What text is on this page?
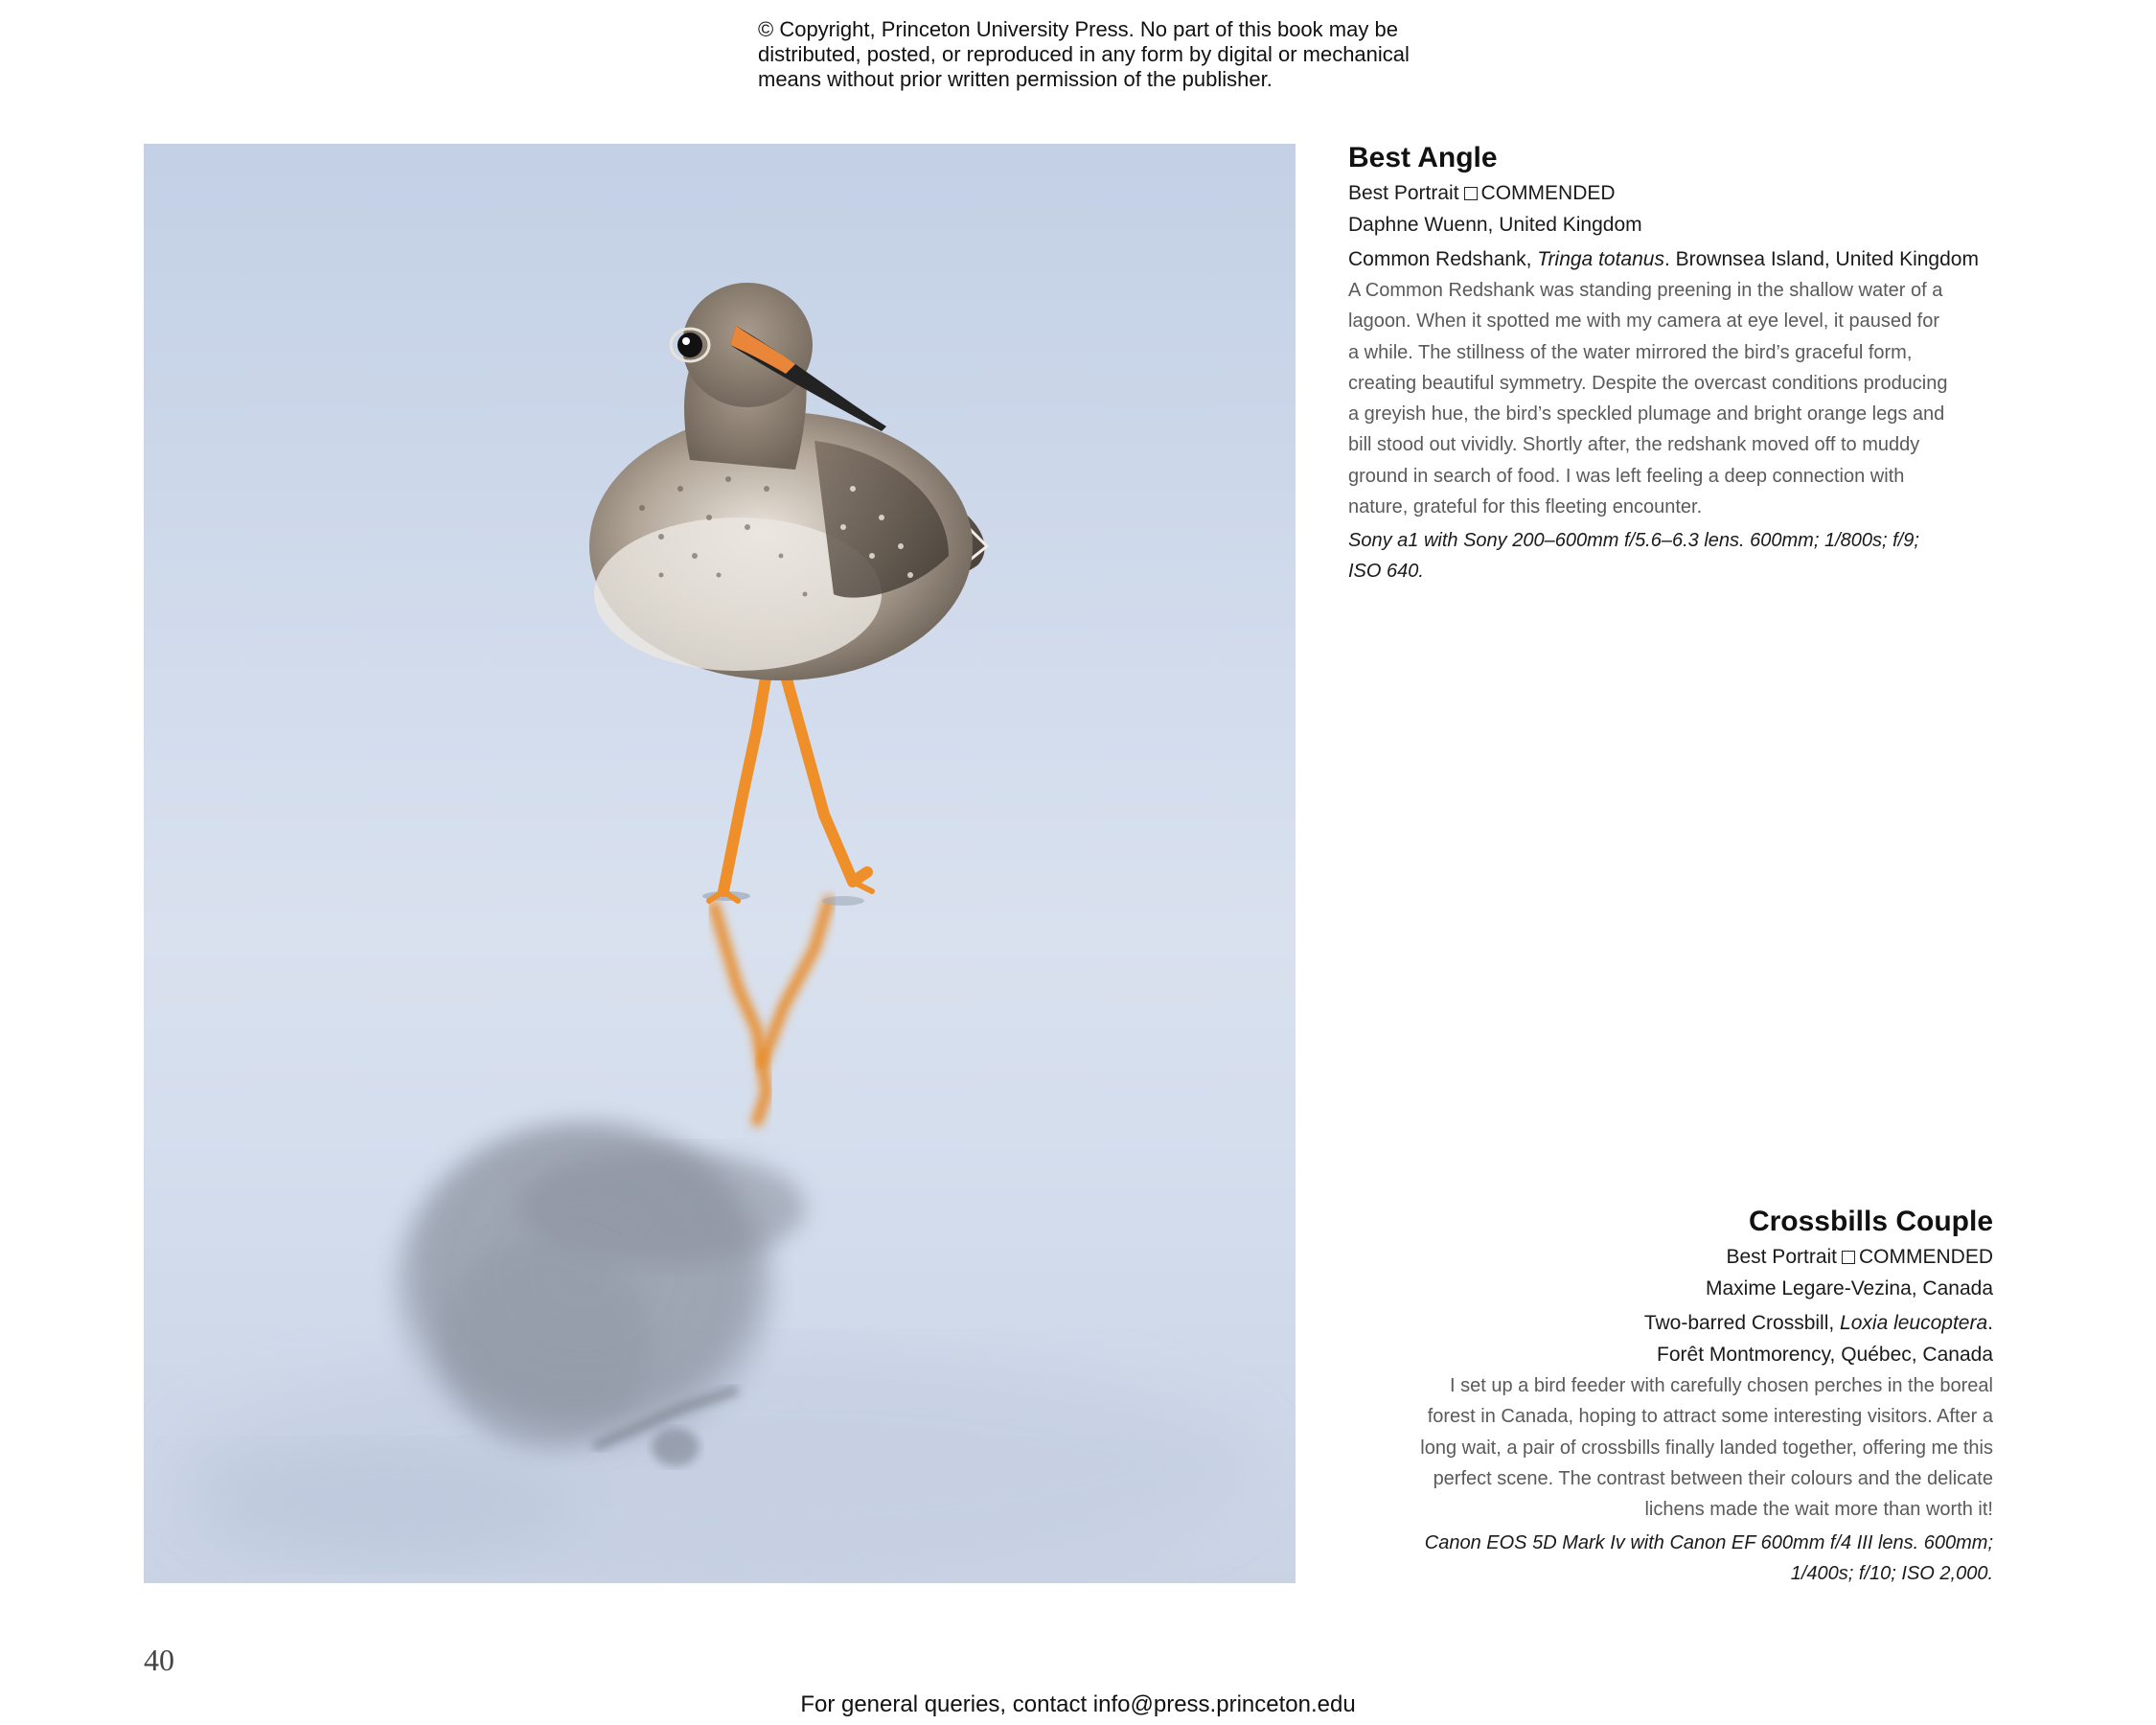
© Copyright, Princeton University Press. No part of this book may be
distributed, posted, or reproduced in any form by digital or mechanical
means without prior written permission of the publisher.
Best Angle
Best Portrait COMMENDED
Daphne Wuenn, United Kingdom
Common Redshank, Tringa totanus. Brownsea Island, United Kingdom
A Common Redshank was standing preening in the shallow water of a
lagoon. When it spotted me with my camera at eye level, it paused for
a while. The stillness of the water mirrored the bird’s graceful form,
creating beautiful symmetry. Despite the overcast conditions producing
a greyish hue, the bird’s speckled plumage and bright orange legs and
bill stood out vividly. Shortly after, the redshank moved off to muddy
ground in search of food. I was left feeling a deep connection with
nature, grateful for this fleeting encounter.
Sony a1 with Sony 200–600mm f/5.6–6.3 lens. 600mm; 1/800s; f/9;
ISO 640.
Crossbills Couple
Best Portrait COMMENDED
Maxime Legare-Vezina, Canada
Two-barred Crossbill, Loxia leucoptera.
Forêt Montmorency, Québec, Canada
I set up a bird feeder with carefully chosen perches in the boreal
forest in Canada, hoping to attract some interesting visitors. After a
long wait, a pair of crossbills finally landed together, offering me this
perfect scene. The contrast between their colours and the delicate
lichens made the wait more than worth it!
Canon EOS 5D Mark Iv with Canon EF 600mm f/4 III lens. 600mm;
1/400s; f/10; ISO 2,000.
40
For general queries, contact info@press.princeton.edu
